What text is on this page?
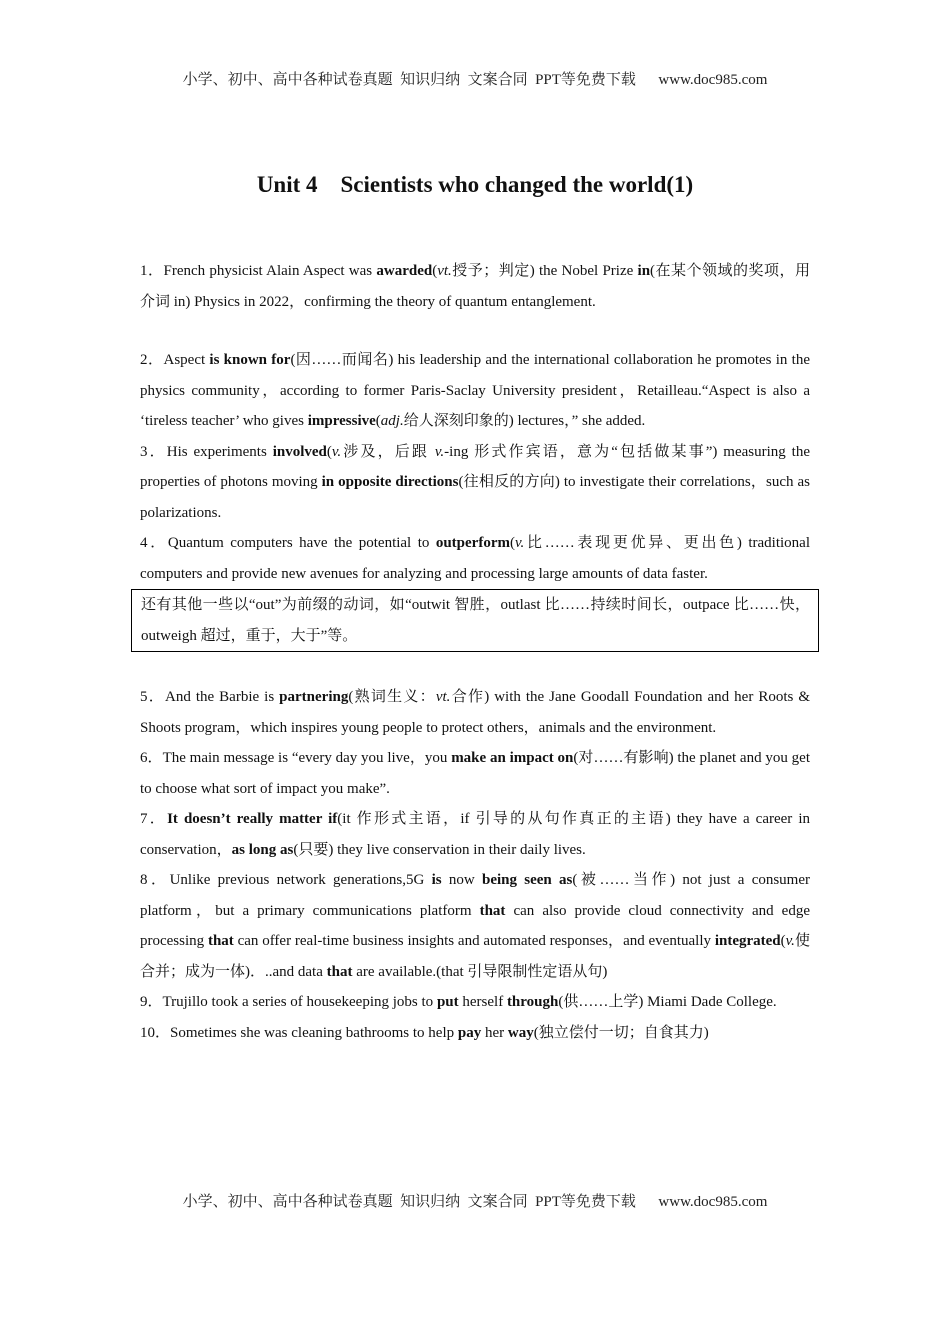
小学、初中、高中各种试卷真题  知识归纳  文案合同  PPT等免费下载      www.doc985.com
Unit 4    Scientists who changed the world(1)

1．French physicist Alain Aspect was awarded(vt.授予；判定) the Nobel Prize in(在某个领域的奖项，用介词 in) Physics in 2022，confirming the theory of quantum entanglement.

2．Aspect is known for(因……而闻名) his leadership and the international collaboration he promotes in the physics community，according to former Paris-Saclay University president，Retailleau.“Aspect is also a ‘tireless teacher’ who gives impressive(adj.给人深刻印象的) lectures，” she added.

3．His experiments involved(v.涉及，后跟 v.-ing 形式作宾语，意为“包括做某事”) measuring the properties of photons moving in opposite directions(往相反的方向) to investigate their correlations，such as polarizations.

4．Quantum computers have the potential to outperform(v.比……表现更优异、更出色) traditional computers and provide new avenues for analyzing and processing large amounts of data faster.

还有其他一些以“out”为前缀的动词，如“outwit 智胜，outlast 比……持续时间长，outpace 比……快，outweigh 超过，重于，大于”等。

5．And the Barbie is partnering(熟词生义：vt.合作) with the Jane Goodall Foundation and her Roots & Shoots program，which inspires young people to protect others，animals and the environment.

6．The main message is “every day you live，you make an impact on(对……有影响) the planet and you get to choose what sort of impact you make”.

7．It doesn’t really matter if(it 作形式主语，if 引导的从句作真正的主语) they have a career in conservation，as long as(只要) they live conservation in their daily lives.

8．Unlike previous network generations,5G is now being seen as(被……当作) not just a consumer platform，but a primary communications platform that can also provide cloud connectivity and edge processing that can offer real-time business insights and automated responses，and eventually integrated(v.使合并；成为一体)．..and data that are available.(that 引导限制性定语从句)

9．Trujillo took a series of housekeeping jobs to put herself through(供……上学) Miami Dade College.

10．Sometimes she was cleaning bathrooms to help pay her way(独立偿付一切；自食其力)

小学、初中、高中各种试卷真题  知识归纳  文案合同  PPT等免费下载      www.doc985.com
